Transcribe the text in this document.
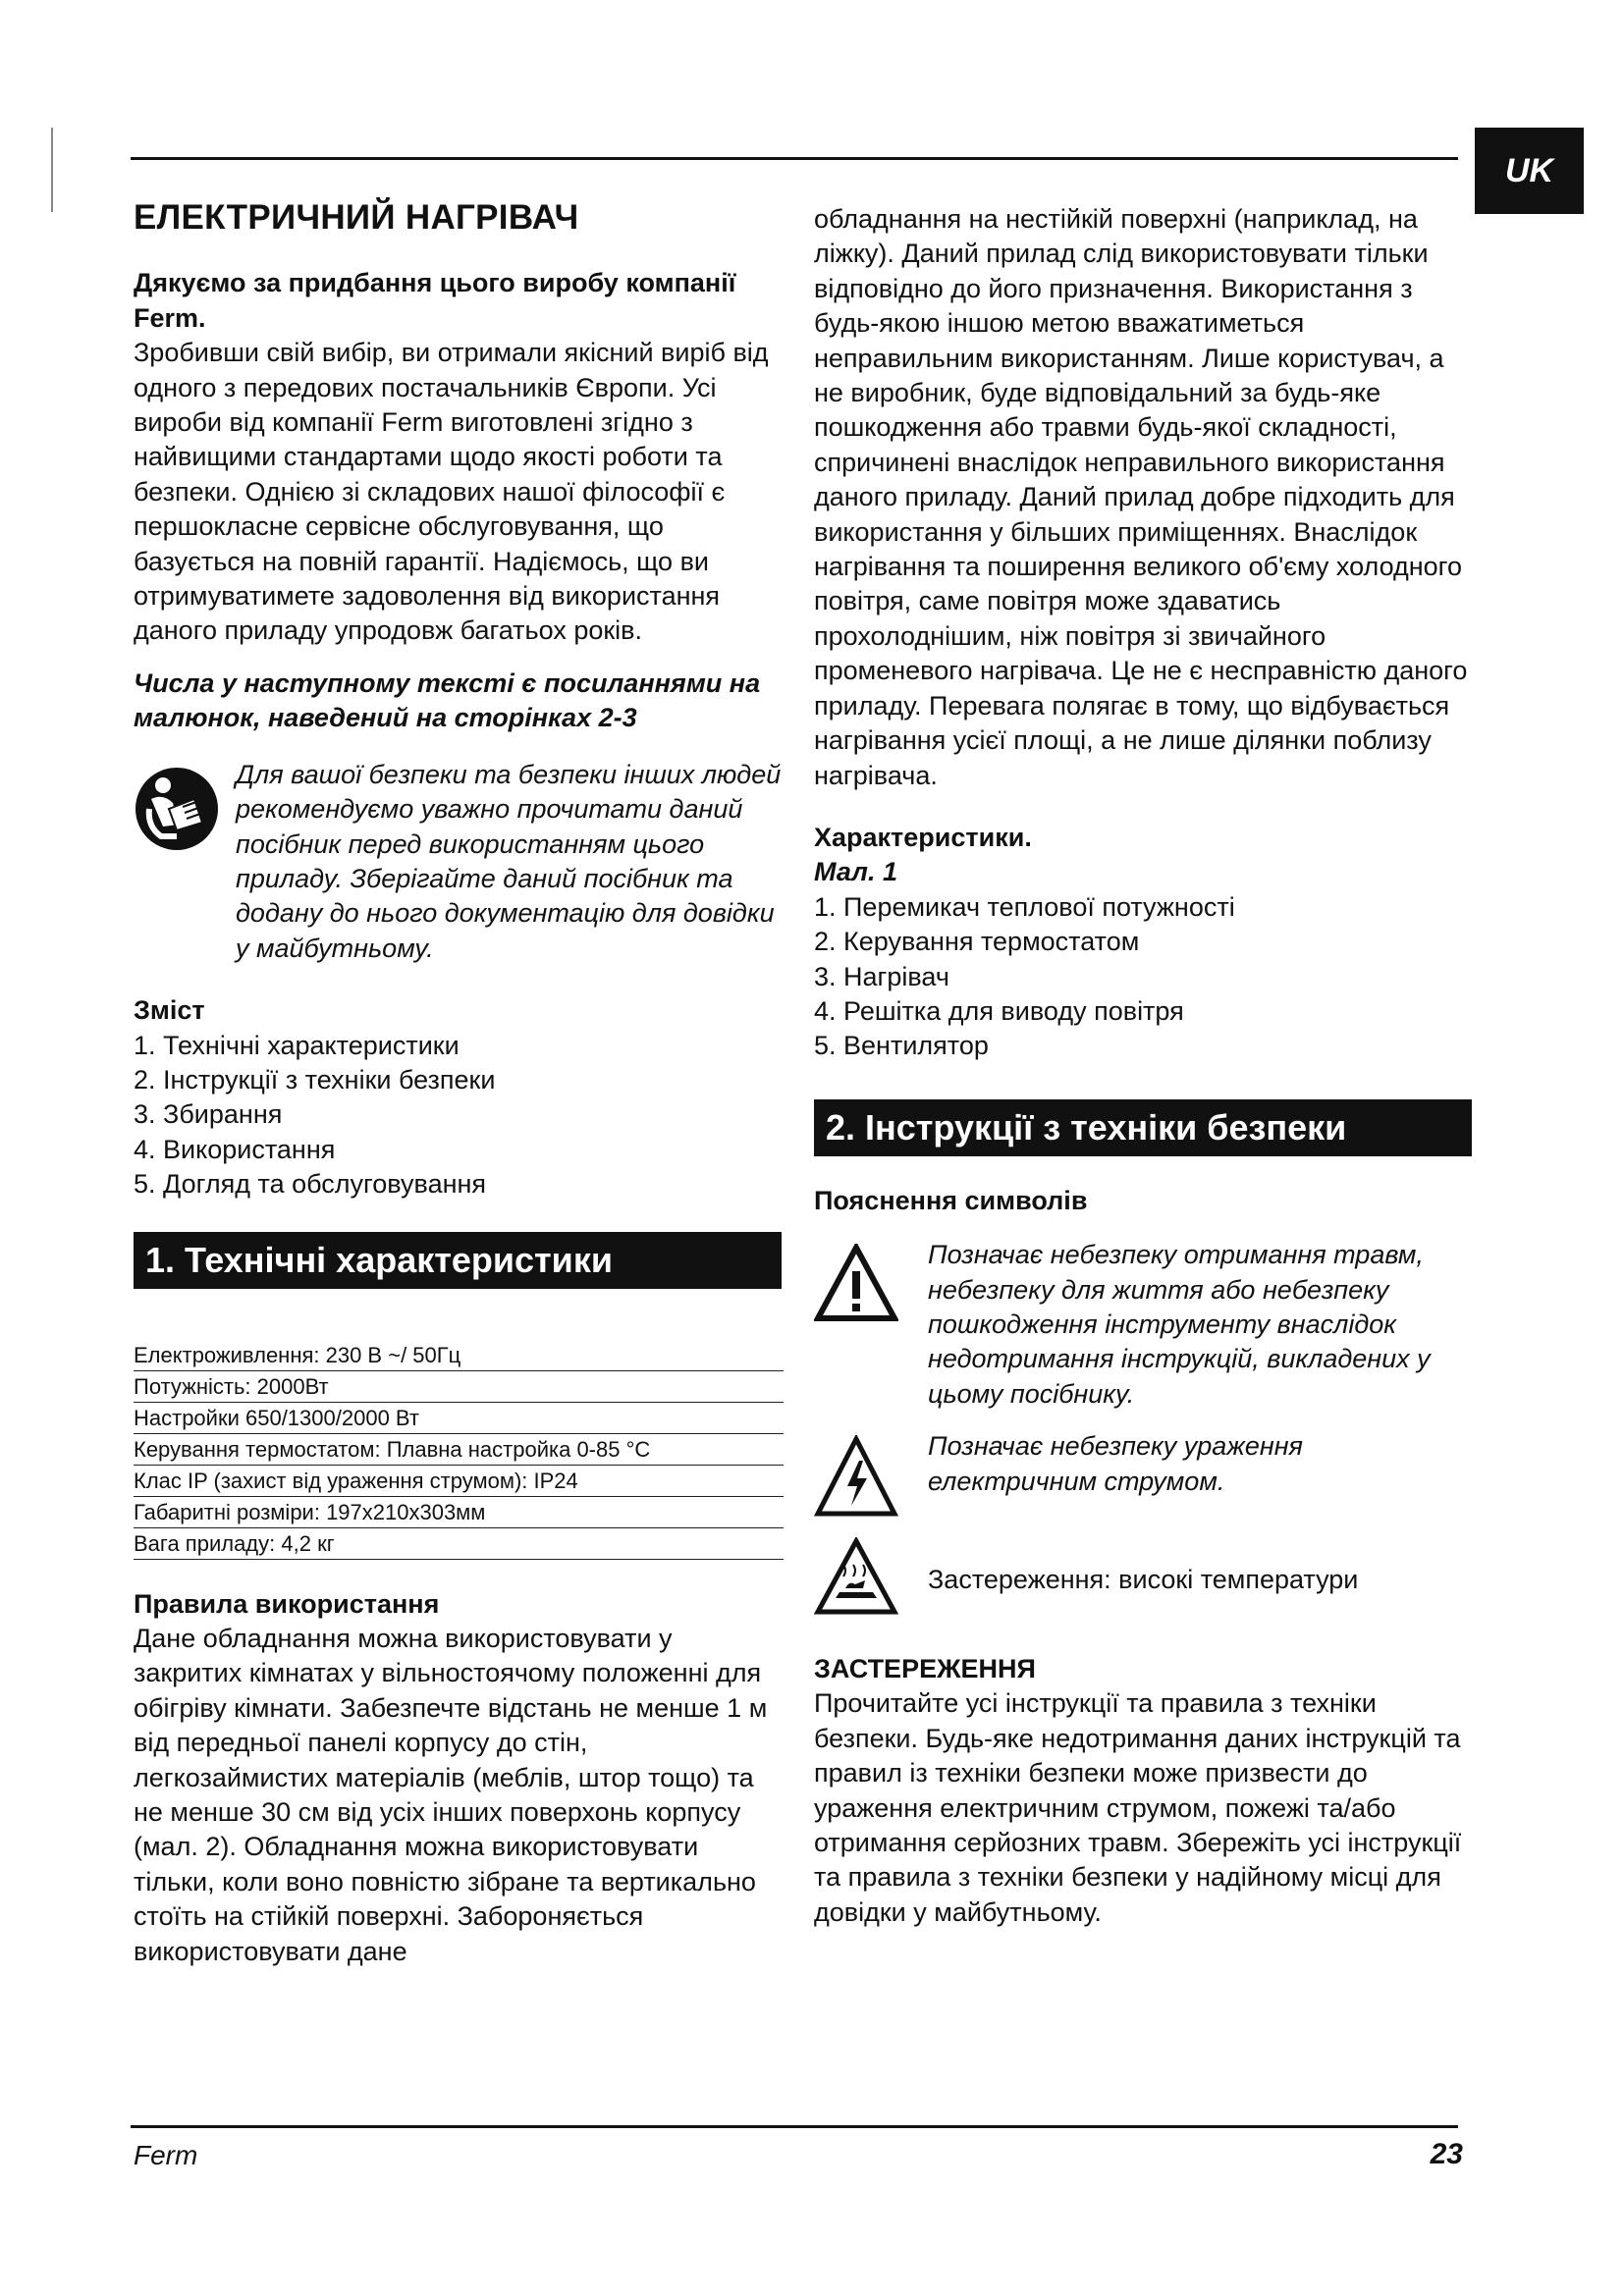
UK
ЕЛЕКТРИЧНИЙ НАГРІВАЧ

Дякуємо за придбання цього виробу компанії Ferm.

Зробивши свій вибір, ви отримали якісний виріб від одного з передових постачальників Європи. Усі вироби від компанії Ferm виготовлені згідно з найвищими стандартами щодо якості роботи та безпеки. Однією зі складових нашої філософії є першокласне сервісне обслуговування, що базується на повній гарантії. Надіємось, що ви отримуватимете задоволення від використання даного приладу упродовж багатьох років.

Числа у наступному тексті є посиланнями на малюнок, наведений на сторінках 2-3

Для вашої безпеки та безпеки інших людей рекомендуємо уважно прочитати даний посібник перед використанням цього приладу. Зберігайте даний посібник та додану до нього документацію для довідки у майбутньому.

Зміст

1. Технічні характеристики
2. Інструкції з техніки безпеки
3. Збирання
4. Використання
5. Догляд та обслуговування
1. Технічні характеристики
Електроживлення: 230 В ~/ 50Гц
Потужність: 2000Вт
Настройки 650/1300/2000 Вт
Керування термостатом: Плавна настройка 0-85 °C
Клас IP (захист від ураження струмом): IP24
Габаритні розміри: 197x210x303мм
Вага приладу: 4,2 кг

Правила використання

Дане обладнання можна використовувати у закритих кімнатах у вільностоячому положенні для обігріву кімнати. Забезпечте відстань не менше 1 м від передньої панелі корпусу до стін, легкозаймистих матеріалів (меблів, штор тощо) та не менше 30 см від усіх інших поверхонь корпусу (мал. 2). Обладнання можна використовувати тільки, коли воно повністю зібране та вертикально стоїть на стійкій поверхні. Забороняється використовувати дане

обладнання на нестійкій поверхні (наприклад, на ліжку). Даний прилад слід використовувати тільки відповідно до його призначення. Використання з будь-якою іншою метою вважатиметься неправильним використанням. Лише користувач, а не виробник, буде відповідальний за будь-яке пошкодження або травми будь-якої складності, спричинені внаслідок неправильного використання даного приладу. Даний прилад добре підходить для використання у більших приміщеннях. Внаслідок нагрівання та поширення великого об'єму холодного повітря, саме повітря може здаватись прохолоднішим, ніж повітря зі звичайного променевого нагрівача. Це не є несправністю даного приладу. Перевага полягає в тому, що відбувається нагрівання усієї площі, а не лише ділянки поблизу нагрівача.

Характеристики.

Мал. 1

1. Перемикач теплової потужності
2. Керування термостатом
3. Нагрівач
4. Решітка для виводу повітря
5. Вентилятор
2. Інструкції з техніки безпеки

Пояснення символів

Позначає небезпеку отримання травм, небезпеку для життя або небезпеку пошкодження інструменту внаслідок недотримання інструкцій, викладених у цьому посібнику.
Позначає небезпеку ураження електричним струмом.
Застереження: високі температури

ЗАСТЕРЕЖЕННЯ

Прочитайте усі інструкції та правила з техніки безпеки. Будь-яке недотримання даних інструкцій та правил із техніки безпеки може призвести до ураження електричним струмом, пожежі та/або отримання серйозних травм. Збережіть усі інструкції та правила з техніки безпеки у надійному місці для довідки у майбутньому.

Ferm	23
